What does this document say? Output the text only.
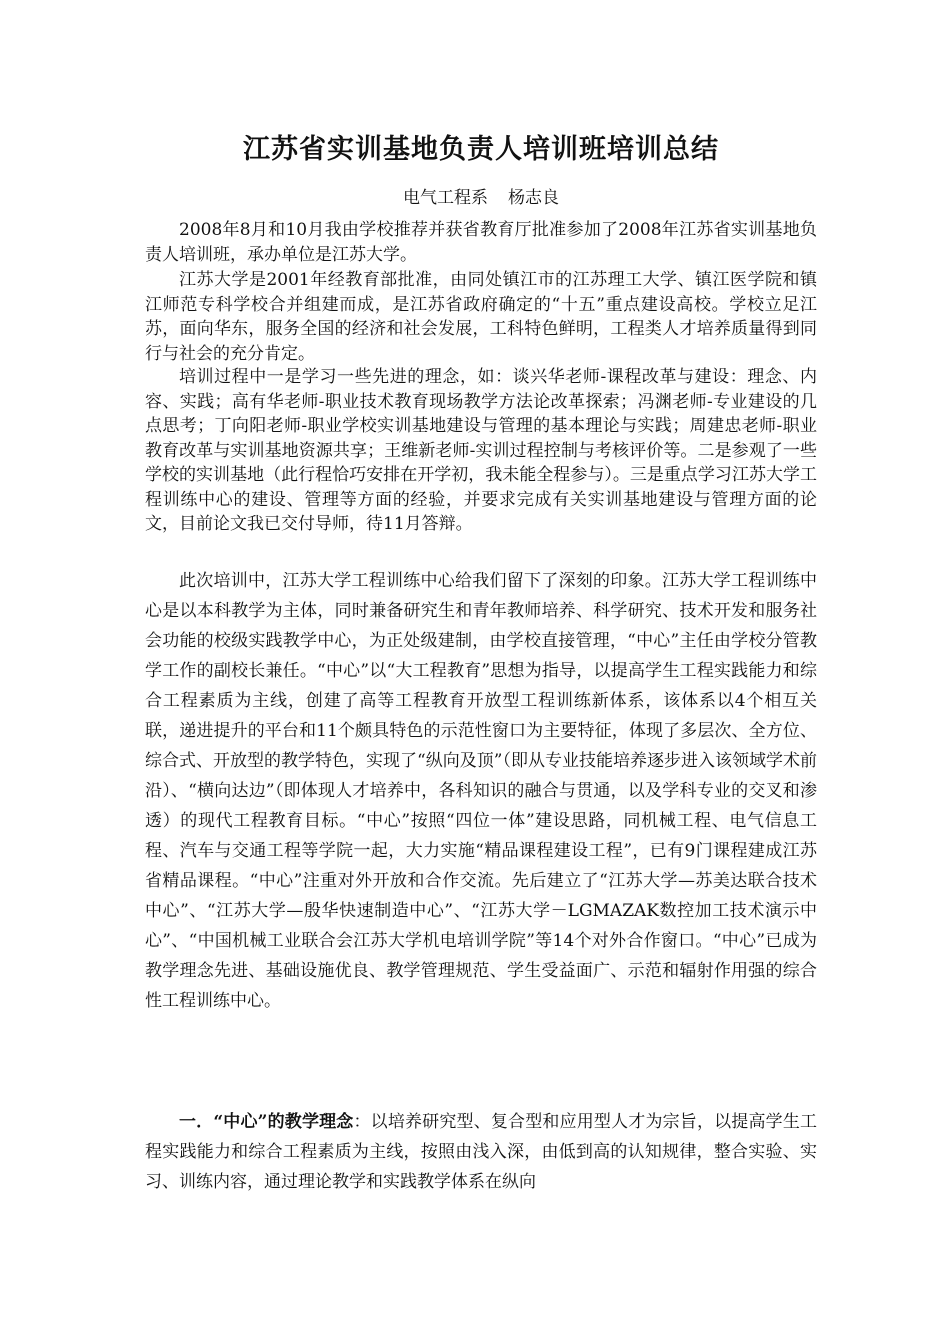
江苏省实训基地负责人培训班培训总结
电气工程系 杨志良

2008年8月和10月我由学校推荐并获省教育厅批准参加了2008年江苏省实训基地负责人培训班，承办单位是江苏大学。

江苏大学是2001年经教育部批准，由同处镇江市的江苏理工大学、镇江医学院和镇江师范专科学校合并组建而成，是江苏省政府确定的“十五”重点建设高校。学校立足江苏，面向华东，服务全国的经济和社会发展，工科特色鲜明，工程类人才培养质量得到同行与社会的充分肯定。

培训过程中一是学习一些先进的理念，如：谈兴华老师-课程改革与建设：理念、内容、实践；高有华老师-职业技术教育现场教学方法论改革探索；冯渊老师-专业建设的几点思考；丁向阳老师-职业学校实训基地建设与管理的基本理论与实践；周建忠老师-职业教育改革与实训基地资源共享；王维新老师-实训过程控制与考核评价等。二是参观了一些学校的实训基地（此行程恰巧安排在开学初，我未能全程参与）。三是重点学习江苏大学工程训练中心的建设、管理等方面的经验，并要求完成有关实训基地建设与管理方面的论文，目前论文我已交付导师，待11月答辩。

此次培训中，江苏大学工程训练中心给我们留下了深刻的印象。江苏大学工程训练中心是以本科教学为主体，同时兼备研究生和青年教师培养、科学研究、技术开发和服务社会功能的校级实践教学中心，为正处级建制，由学校直接管理，“中心”主任由学校分管教学工作的副校长兼任。“中心”以“大工程教育”思想为指导，以提高学生工程实践能力和综合工程素质为主线，创建了高等工程教育开放型工程训练新体系，该体系以4个相互关联，递进提升的平台和11个颇具特色的示范性窗口为主要特征，体现了多层次、全方位、综合式、开放型的教学特色，实现了“纵向及顶”（即从专业技能培养逐步进入该领域学术前沿）、“横向达边”（即体现人才培养中，各科知识的融合与贯通，以及学科专业的交叉和渗透）的现代工程教育目标。“中心”按照“四位一体”建设思路，同机械工程、电气信息工程、汽车与交通工程等学院一起，大力实施“精品课程建设工程”，已有9门课程建成江苏省精品课程。“中心”注重对外开放和合作交流。先后建立了“江苏大学—苏美达联合技术中心”、“江苏大学—殷华快速制造中心”、“江苏大学－LGMAZAK数控加工技术演示中心”、“中国机械工业联合会江苏大学机电培训学院”等14个对外合作窗口。“中心”已成为教学理念先进、基础设施优良、教学管理规范、学生受益面广、示范和辐射作用强的综合性工程训练中心。

一．“中心”的教学理念：以培养研究型、复合型和应用型人才为宗旨，以提高学生工程实践能力和综合工程素质为主线，按照由浅入深，由低到高的认知规律，整合实验、实习、训练内容，通过理论教学和实践教学体系在纵向
